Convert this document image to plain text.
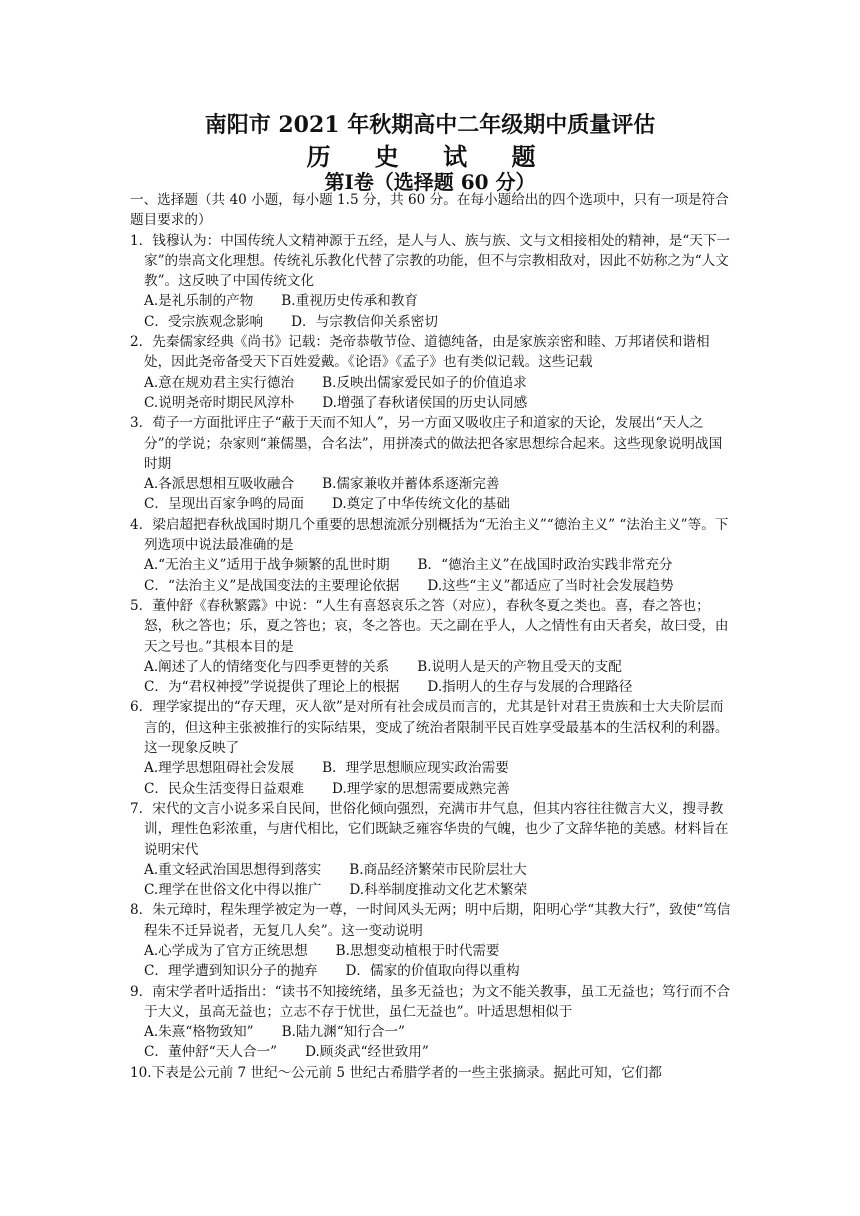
南阳市 2021 年秋期高中二年级期中质量评估
历 史 试 题
第Ⅰ卷（选择题 60 分）

一、选择题（共 40 小题，每小题 1.5 分，共 60 分。在每小题给出的四个选项中，只有一项是符合题目要求的）

1．钱穆认为：中国传统人文精神源于五经，是人与人、族与族、文与文相接相处的精神，是“天下一家”的崇高文化理想。传统礼乐教化代替了宗教的功能，但不与宗教相敌对，因此不妨称之为“人文教”。这反映了中国传统文化

A.是礼乐制的产物 B.重视历史传承和教育
C．受宗族观念影响 D．与宗教信仰关系密切

2．先秦儒家经典《尚书》记载：尧帝恭敬节俭、道德纯备，由是家族亲密和睦、万邦诸侯和谐相处，因此尧帝备受天下百姓爱戴。《论语》《孟子》也有类似记载。这些记载

A.意在规劝君主实行德治 B.反映出儒家爱民如子的价值追求
C.说明尧帝时期民风淳朴 D.增强了春秋诸侯国的历史认同感

3．荀子一方面批评庄子“蔽于天而不知人”，另一方面又吸收庄子和道家的天论，发展出“天人之分”的学说；杂家则“兼儒墨，合名法”，用拼凑式的做法把各家思想综合起来。这些现象说明战国时期

A.各派思想相互吸收融合 B.儒家兼收并蓄体系逐渐完善
C．呈现出百家争鸣的局面 D.奠定了中华传统文化的基础

4．梁启超把春秋战国时期几个重要的思想流派分别概括为“无治主义”“德治主义” “法治主义”等。下列选项中说法最准确的是

A.“无治主义”适用于战争频繁的乱世时期 B．“德治主义”在战国时政治实践非常充分
C．“法治主义”是战国变法的主要理论依据 D.这些“主义”都适应了当时社会发展趋势

5．董仲舒《春秋繁露》中说：“人生有喜怒哀乐之答（对应），春秋冬夏之类也。喜，春之答也；怒，秋之答也；乐，夏之答也；哀，冬之答也。天之副在乎人，人之情性有由天者矣，故曰受，由天之号也。”其根本目的是

A.阐述了人的情绪变化与四季更替的关系 B.说明人是天的产物且受天的支配
C．为“君权神授”学说提供了理论上的根据 D.指明人的生存与发展的合理路径

6．理学家提出的“存天理，灭人欲”是对所有社会成员而言的，尤其是针对君王贵族和士大夫阶层而言的，但这种主张被推行的实际结果，变成了统治者限制平民百姓享受最基本的生活权利的利器。这一现象反映了

A.理学思想阻碍社会发展 B．理学思想顺应现实政治需要
C．民众生活变得日益艰难 D.理学家的思想需要成熟完善

7．宋代的文言小说多采自民间，世俗化倾向强烈，充满市井气息，但其内容往往微言大义，搜寻教训，理性色彩浓重，与唐代相比，它们既缺乏雍容华贵的气魄，也少了文辞华艳的美感。材料旨在说明宋代

A.重文轻武治国思想得到落实 B.商品经济繁荣市民阶层壮大
C.理学在世俗文化中得以推广 D.科举制度推动文化艺术繁荣

8．朱元璋时，程朱理学被定为一尊，一时间风头无两；明中后期，阳明心学“其教大行”，致使“笃信程朱不迁异说者，无复几人矣”。这一变动说明

A.心学成为了官方正统思想 B.思想变动植根于时代需要
C．理学遭到知识分子的抛弃 D．儒家的价值取向得以重构

9．南宋学者叶适指出：“读书不知接统绪，虽多无益也；为文不能关教事，虽工无益也；笃行而不合于大义，虽高无益也；立志不存于忧世，虽仁无益也”。叶适思想相似于

A.朱熹“格物致知” B.陆九渊“知行合一”
C．董仲舒“天人合一” D.顾炎武“经世致用”

10.下表是公元前 7 世纪～公元前 5 世纪古希腊学者的一些主张摘录。据此可知，它们都
